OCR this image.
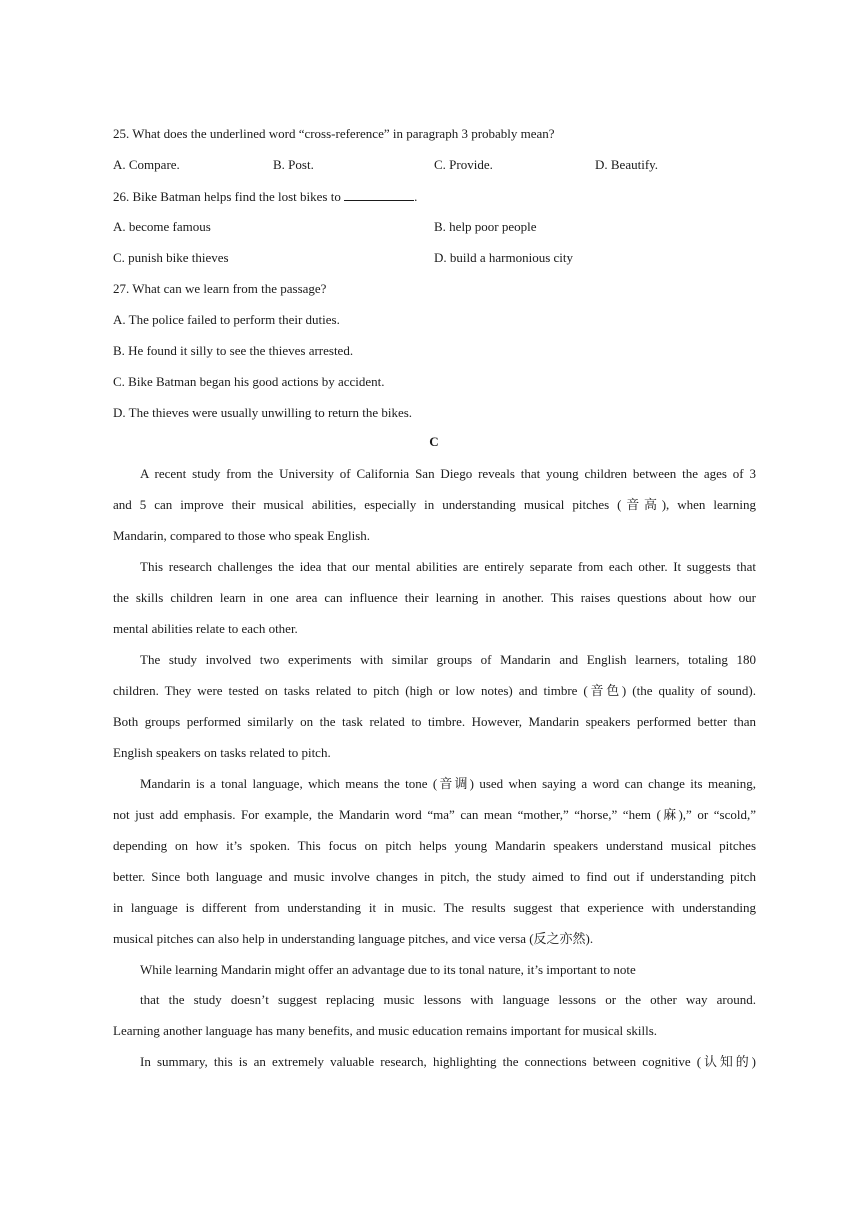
25. What does the underlined word “cross-reference” in paragraph 3 probably mean?
A. Compare.	B. Post.	C. Provide.	D. Beautify.
26. Bike Batman helps find the lost bikes to	.
A. become famous	B. help poor people
C. punish bike thieves	D. build a harmonious city
27. What can we learn from the passage?
A. The police failed to perform their duties.
B. He found it silly to see the thieves arrested.
C. Bike Batman began his good actions by accident.
D. The thieves were usually unwilling to return the bikes.
C
A recent study from the University of California San Diego reveals that young children between the ages of 3
and 5 can improve their musical abilities, especially in understanding musical pitches (音高), when learning
Mandarin, compared to those who speak English.
This research challenges the idea that our mental abilities are entirely separate from each other. It suggests that
the skills children learn in one area can influence their learning in another. This raises questions about how our
mental abilities relate to each other.
The study involved two experiments with similar groups of Mandarin and English learners, totaling 180
children. They were tested on tasks related to pitch (high or low notes) and timbre (音色) (the quality of sound).
Both groups performed similarly on the task related to timbre. However, Mandarin speakers performed better than
English speakers on tasks related to pitch.
Mandarin is a tonal language, which means the tone (音调) used when saying a word can change its meaning,
not just add emphasis. For example, the Mandarin word “ma” can mean “mother,” “horse,” “hem (麻),” or “scold,”
depending on how it’s spoken. This focus on pitch helps young Mandarin speakers understand musical pitches
better. Since both language and music involve changes in pitch, the study aimed to find out if understanding pitch
in language is different from understanding it in music. The results suggest that experience with understanding
musical pitches can also help in understanding language pitches, and vice versa (反之亦然).
While learning Mandarin might offer an advantage due to its tonal nature, it’s important to note
that the study doesn’t suggest replacing music lessons with language lessons or the other way around.
Learning another language has many benefits, and music education remains important for musical skills.
In summary, this is an extremely valuable research, highlighting the connections between cognitive (认知的)
